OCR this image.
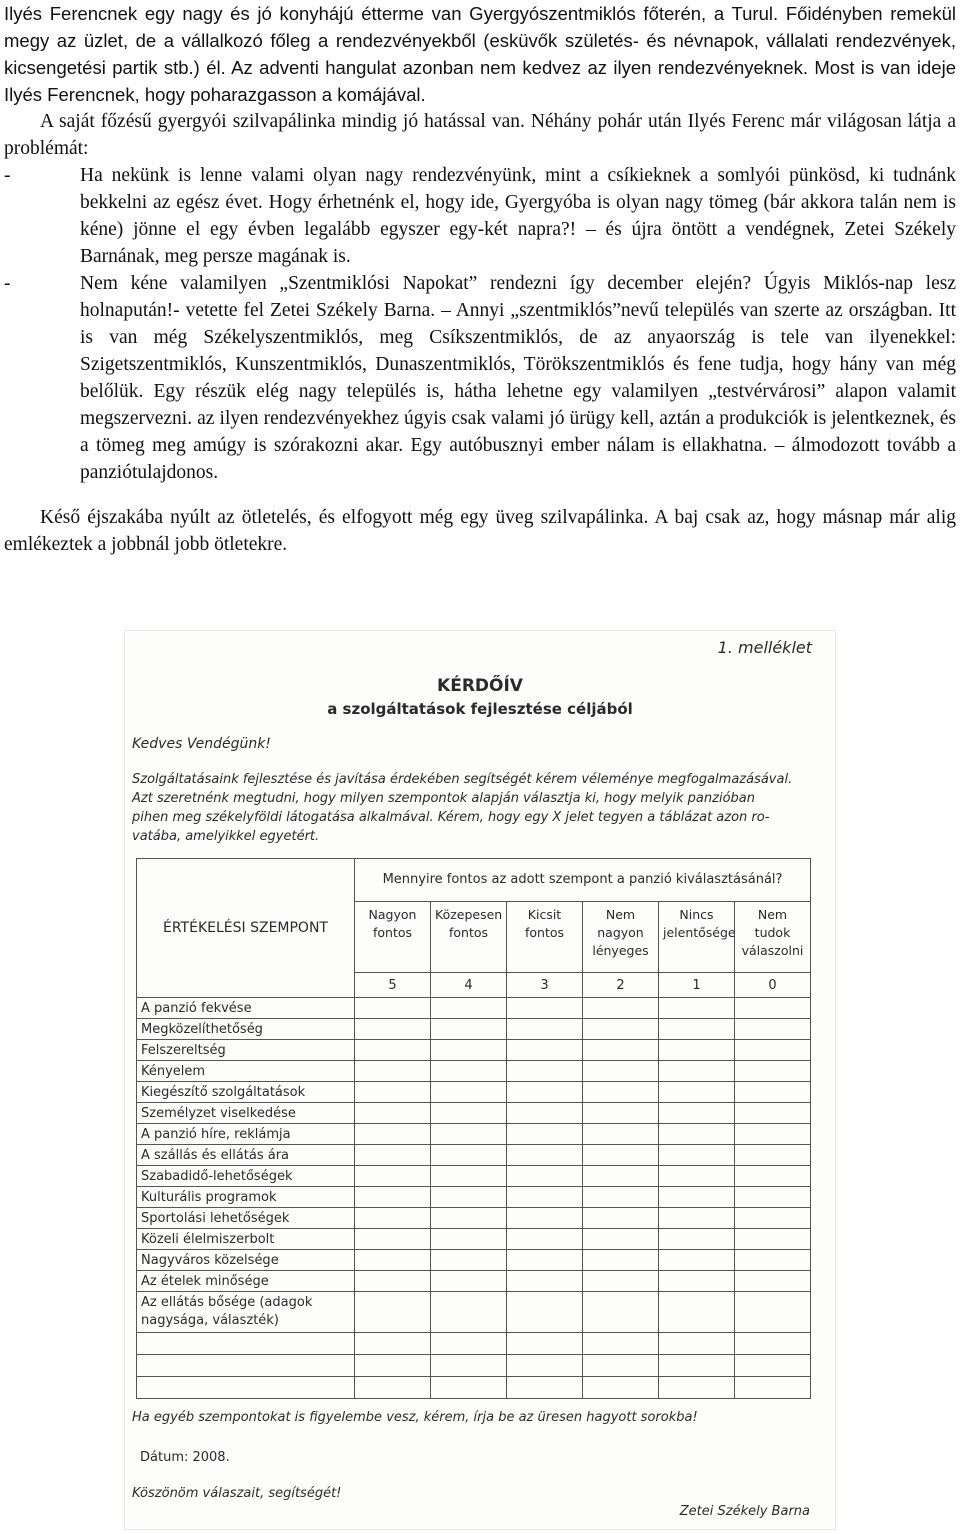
Ilyés Ferencnek egy nagy és jó konyhájú étterme van Gyergyószentmiklós főterén, a Turul. Főidényben remekül megy az üzlet, de a vállalkozó főleg a rendezvényekből (esküvők születés- és névnapok, vállalati rendezvények, kicsengetési partik stb.) él. Az adventi hangulat azonban nem kedvez az ilyen rendezvényeknek. Most is van ideje Ilyés Ferencnek, hogy poharazgasson a komájával.

A saját főzésű gyergyói szilvapálinka mindig jó hatással van. Néhány pohár után Ilyés Ferenc már világosan látja a problémát:

-	Ha nekünk is lenne valami olyan nagy rendezvényünk, mint a csíkieknek a somlyói pünkösd, ki tudnánk bekkelni az egész évet. Hogy érhetnénk el, hogy ide, Gyergyóba is olyan nagy tömeg (bár akkora talán nem is kéne) jönne el egy évben legalább egyszer egy-két napra?! – és újra öntött a vendégnek, Zetei Székely Barnának, meg persze magának is.
-	Nem kéne valamilyen „Szentmiklósi Napokat” rendezni így december elején? Úgyis Miklós-nap lesz holnapután!- vetette fel Zetei Székely Barna. – Annyi „szentmiklós”nevű település van szerte az országban. Itt is van még Székelyszentmiklós, meg Csíkszentmiklós, de az anyaország is tele van ilyenekkel: Szigetszentmiklós, Kunszentmiklós, Dunaszentmiklós, Törökszentmiklós és fene tudja, hogy hány van még belőlük. Egy részük elég nagy település is, hátha lehetne egy valamilyen „testvérvárosi” alapon valamit megszervezni. az ilyen rendezvényekhez úgyis csak valami jó ürügy kell, aztán a produkciók is jelentkeznek, és a tömeg meg amúgy is szórakozni akar. Egy autóbusznyi ember nálam is ellakhatna. – álmodozott tovább a panziótulajdonos.

Késő éjszakába nyúlt az ötletelés, és elfogyott még egy üveg szilvapálinka. A baj csak az, hogy másnap már alig emlékeztek a jobbnál jobb ötletekre.

1. melléklet
KÉRDŐÍV
a szolgáltatások fejlesztése céljából
Kedves Vendégünk!
Szolgáltatásaink fejlesztése és javítása érdekében segítségét kérem véleménye megfogalmazásával.
Azt szeretnénk megtudni, hogy milyen szempontok alapján választja ki, hogy melyik panzióban
pihen meg székelyföldi látogatása alkalmával. Kérem, hogy egy X jelet tegyen a táblázat azon ro-
vatába, amelyikkel egyetért.
ÉRTÉKELÉSI SZEMPONT	Mennyire fontos az adott szempont a panzió kiválasztásánál?					
	Nagyon fontos	Közepesen fontos	Kicsit fontos	Nem nagyon lényeges	Nincs jelentősége	Nem tudok válaszolni
	5	4	3	2	1	0
A panzió fekvése						
Megközelíthetőség						
Felszereltség						
Kényelem						
Kiegészítő szolgáltatások						
Személyzet viselkedése						
A panzió híre, reklámja						
A szállás és ellátás ára						
Szabadidő-lehetőségek						
Kulturális programok						
Sportolási lehetőségek						
Közeli élelmiszerbolt						
Nagyváros közelsége						
Az ételek minősége						
Az ellátás bősége (adagok nagysága, választék)						

Ha egyéb szempontokat is figyelembe vesz, kérem, írja be az üresen hagyott sorokba!
Dátum: 2008.
Köszönöm válaszait, segítségét!
Zetei Székely Barna
